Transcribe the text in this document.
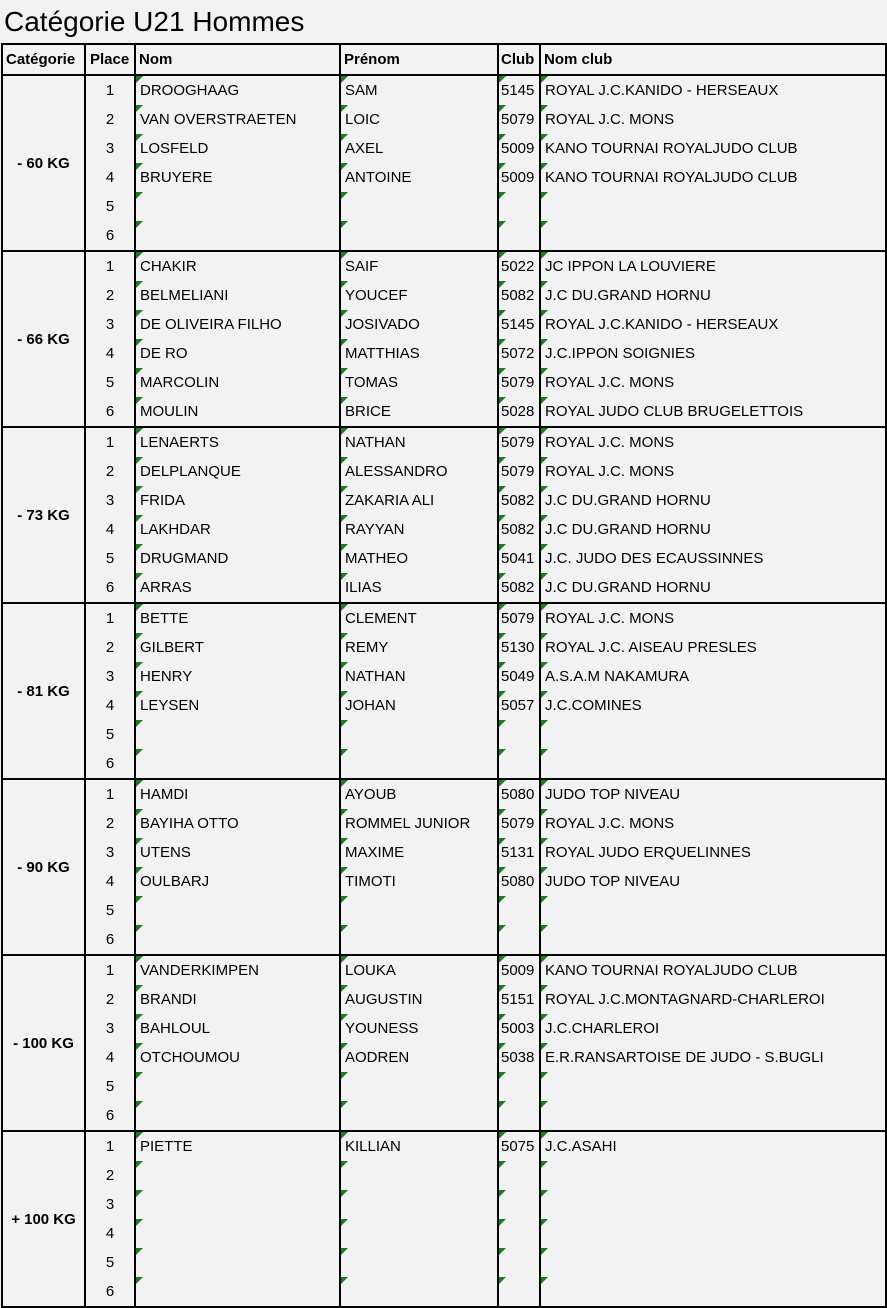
Catégorie U21 Hommes
Catégorie	Place	Nom	Prénom	Club	Nom club
- 60 KG	1	DROOGHAAG	SAM	5145	ROYAL J.C.KANIDO - HERSEAUX
	2	VAN OVERSTRAETEN	LOIC	5079	ROYAL J.C. MONS
	3	LOSFELD	AXEL	5009	KANO TOURNAI ROYALJUDO CLUB
	4	BRUYERE	ANTOINE	5009	KANO TOURNAI ROYALJUDO CLUB
	5				
	6				
- 66 KG	1	CHAKIR	SAIF	5022	JC IPPON LA LOUVIERE
	2	BELMELIANI	YOUCEF	5082	J.C DU.GRAND HORNU
	3	DE OLIVEIRA FILHO	JOSIVADO	5145	ROYAL J.C.KANIDO - HERSEAUX
	4	DE RO	MATTHIAS	5072	J.C.IPPON SOIGNIES
	5	MARCOLIN	TOMAS	5079	ROYAL J.C. MONS
	6	MOULIN	BRICE	5028	ROYAL JUDO CLUB BRUGELETTOIS
- 73 KG	1	LENAERTS	NATHAN	5079	ROYAL J.C. MONS
	2	DELPLANQUE	ALESSANDRO	5079	ROYAL J.C. MONS
	3	FRIDA	ZAKARIA ALI	5082	J.C DU.GRAND HORNU
	4	LAKHDAR	RAYYAN	5082	J.C DU.GRAND HORNU
	5	DRUGMAND	MATHEO	5041	J.C. JUDO DES ECAUSSINNES
	6	ARRAS	ILIAS	5082	J.C DU.GRAND HORNU
- 81 KG	1	BETTE	CLEMENT	5079	ROYAL J.C. MONS
	2	GILBERT	REMY	5130	ROYAL J.C. AISEAU PRESLES
	3	HENRY	NATHAN	5049	A.S.A.M NAKAMURA
	4	LEYSEN	JOHAN	5057	J.C.COMINES
	5				
	6				
- 90 KG	1	HAMDI	AYOUB	5080	JUDO TOP NIVEAU
	2	BAYIHA OTTO	ROMMEL JUNIOR	5079	ROYAL J.C. MONS
	3	UTENS	MAXIME	5131	ROYAL JUDO ERQUELINNES
	4	OULBARJ	TIMOTI	5080	JUDO TOP NIVEAU
	5				
	6				
- 100 KG	1	VANDERKIMPEN	LOUKA	5009	KANO TOURNAI ROYALJUDO CLUB
	2	BRANDI	AUGUSTIN	5151	ROYAL J.C.MONTAGNARD-CHARLEROI
	3	BAHLOUL	YOUNESS	5003	J.C.CHARLEROI
	4	OTCHOUMOU	AODREN	5038	E.R.RANSARTOISE DE JUDO - S.BUGLI
	5				
	6				
+ 100 KG	1	PIETTE	KILLIAN	5075	J.C.ASAHI
	2				
	3				
	4				
	5				
	6				
